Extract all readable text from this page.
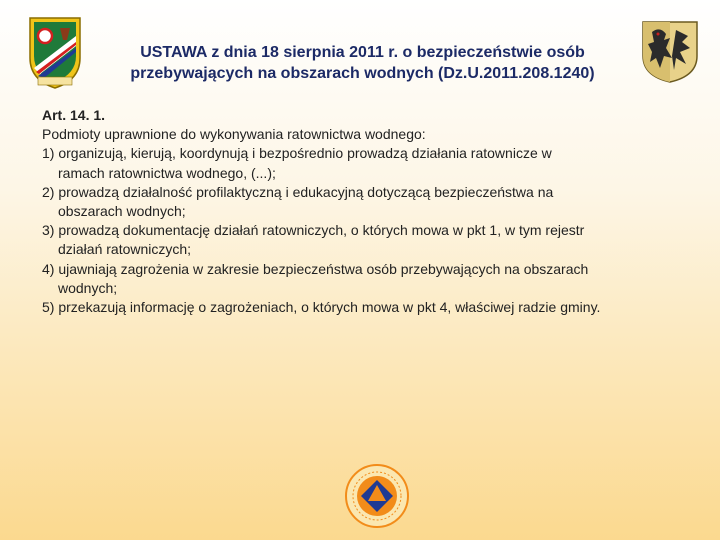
USTAWA z dnia 18 sierpnia 2011 r. o bezpieczeństwie osób
przebywających na obszarach wodnych (Dz.U.2011.208.1240)
Art. 14. 1.
Podmioty uprawnione do wykonywania ratownictwa wodnego:
1) organizują, kierują, koordynują i bezpośrednio prowadzą działania ratownicze w
ramach ratownictwa wodnego, (...);
2) prowadzą działalność profilaktyczną i edukacyjną dotyczącą bezpieczeństwa na
obszarach wodnych;
3) prowadzą dokumentację działań ratowniczych, o których mowa w pkt 1, w tym rejestr
działań ratowniczych;
4) ujawniają zagrożenia w zakresie bezpieczeństwa osób przebywających na obszarach
wodnych;
5) przekazują informację o zagrożeniach, o których mowa w pkt 4, właściwej radzie gminy.
